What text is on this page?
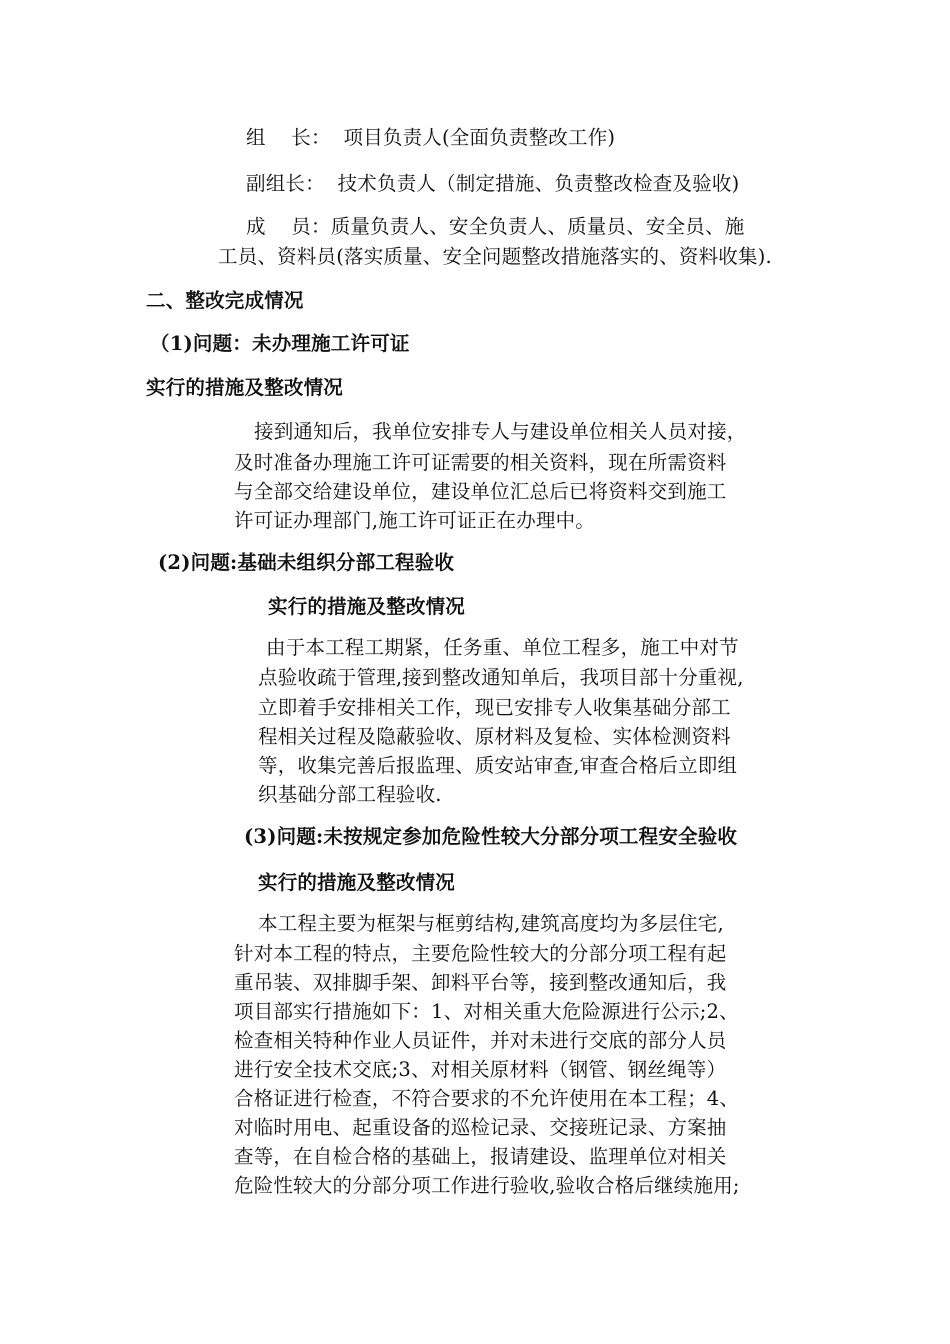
组    长：  项目负责人(全面负责整改工作)
副组长：  技术负责人（制定措施、负责整改检查及验收)
成    员：质量负责人、安全负责人、质量员、安全员、施
工员、资料员(落实质量、安全问题整改措施落实的、资料收集).
二、整改完成情况
（1)问题：未办理施工许可证
实行的措施及整改情况
接到通知后，我单位安排专人与建设单位相关人员对接，
及时准备办理施工许可证需要的相关资料，现在所需资料
与全部交给建设单位，建设单位汇总后已将资料交到施工
许可证办理部门,施工许可证正在办理中。
(2)问题:基础未组织分部工程验收
实行的措施及整改情况
由于本工程工期紧，任务重、单位工程多，施工中对节
点验收疏于管理,接到整改通知单后，我项目部十分重视,
立即着手安排相关工作，现已安排专人收集基础分部工
程相关过程及隐蔽验收、原材料及复检、实体检测资料
等，收集完善后报监理、质安站审查,审查合格后立即组
织基础分部工程验收.
(3)问题:未按规定参加危险性较大分部分项工程安全验收
实行的措施及整改情况
本工程主要为框架与框剪结构,建筑高度均为多层住宅,
针对本工程的特点，主要危险性较大的分部分项工程有起
重吊装、双排脚手架、卸料平台等，接到整改通知后，我
项目部实行措施如下：1、对相关重大危险源进行公示;2、
检查相关特种作业人员证件，并对未进行交底的部分人员
进行安全技术交底;3、对相关原材料（钢管、钢丝绳等）
合格证进行检查，不符合要求的不允许使用在本工程；4、
对临时用电、起重设备的巡检记录、交接班记录、方案抽
查等，在自检合格的基础上，报请建设、监理单位对相关
危险性较大的分部分项工作进行验收,验收合格后继续施用;
